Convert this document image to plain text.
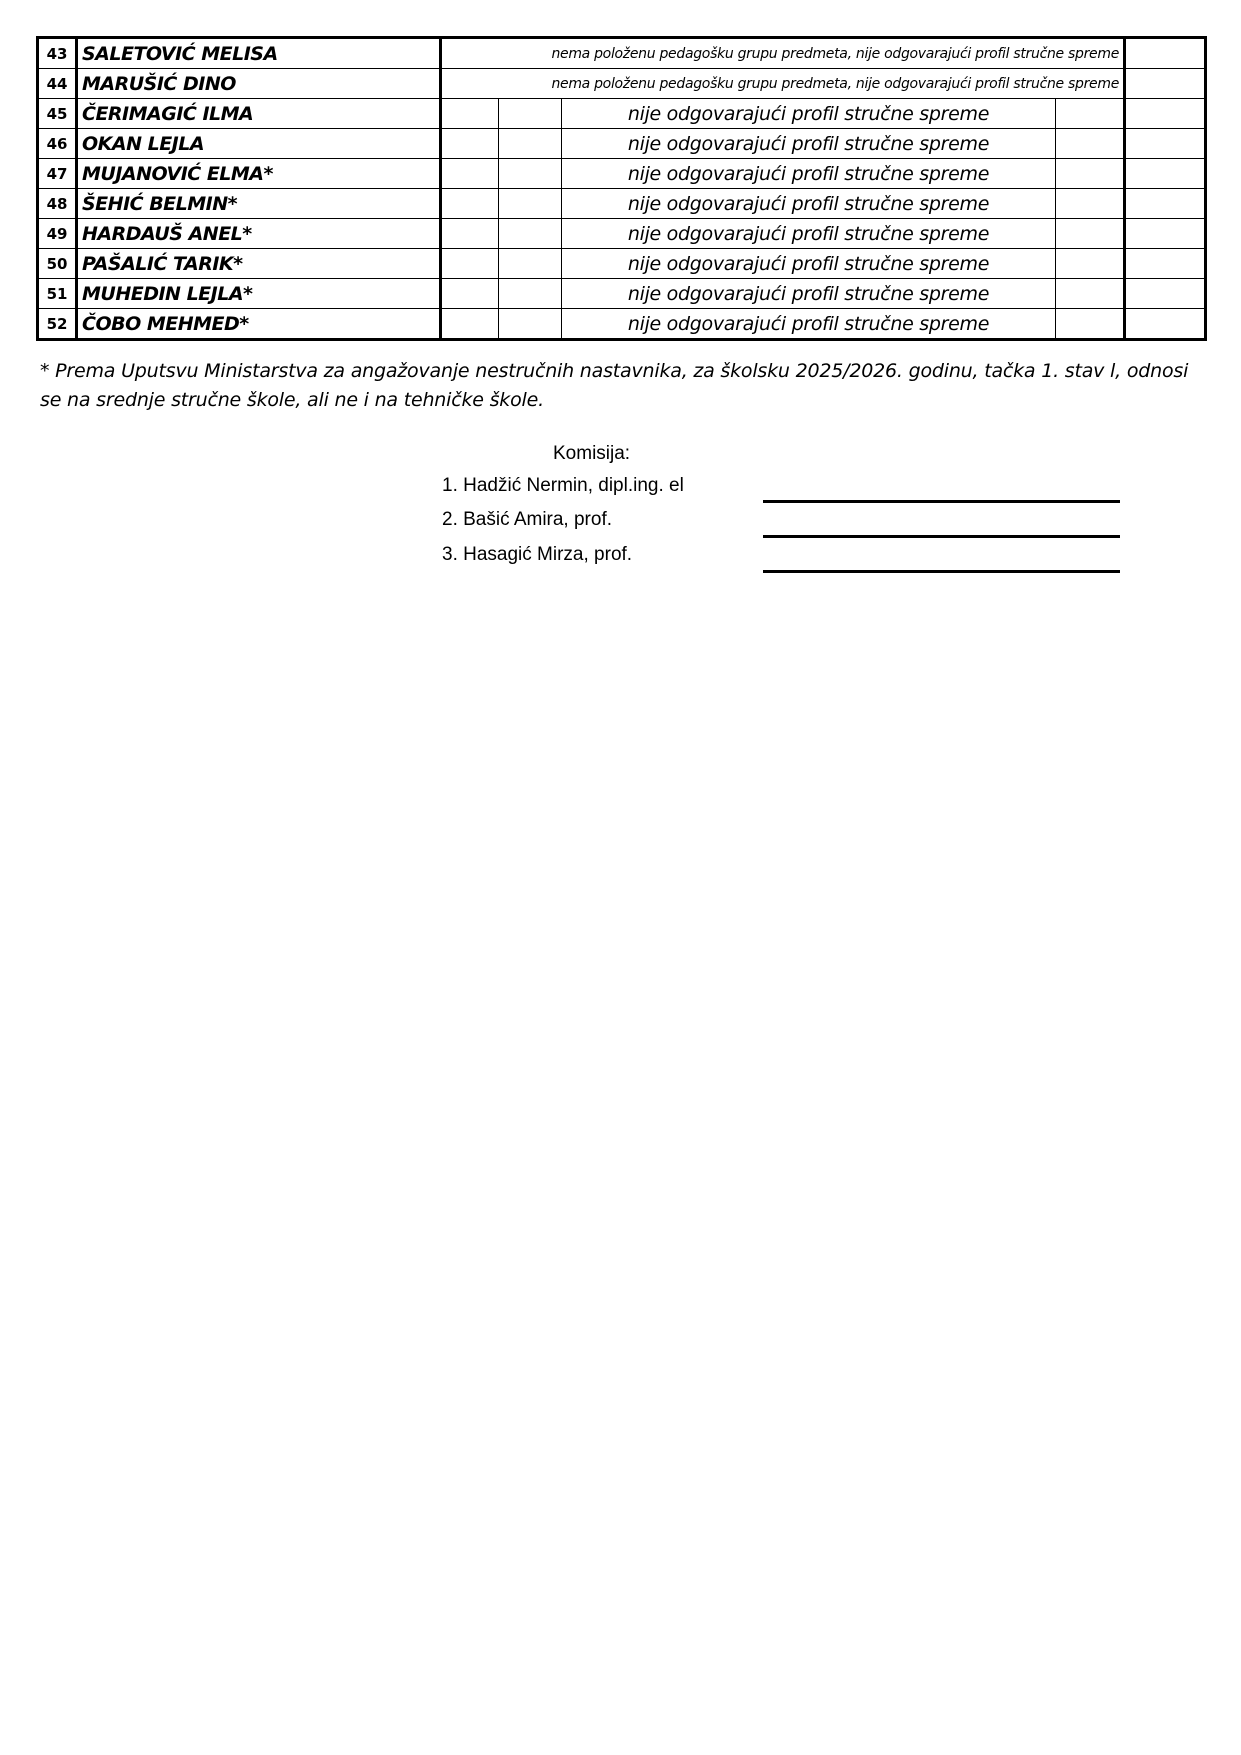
43	SALETOVIĆ MELISA	nema položenu pedagošku grupu predmeta, nije odgovarajući profil stručne spreme				
44	MARUŠIĆ DINO	nema položenu pedagošku grupu predmeta, nije odgovarajući profil stručne spreme				
45	ČERIMAGIĆ ILMA			nije odgovarajući profil stručne spreme		
46	OKAN LEJLA			nije odgovarajući profil stručne spreme		
47	MUJANOVIĆ ELMA*			nije odgovarajući profil stručne spreme		
48	ŠEHIĆ BELMIN*			nije odgovarajući profil stručne spreme		
49	HARDAUŠ ANEL*			nije odgovarajući profil stručne spreme		
50	PAŠALIĆ TARIK*			nije odgovarajući profil stručne spreme		
51	MUHEDIN LEJLA*			nije odgovarajući profil stručne spreme		
52	ČOBO MEHMED*			nije odgovarajući profil stručne spreme		
* Prema Uputsvu Ministarstva za angažovanje nestručnih nastavnika, za školsku 2025/2026. godinu, tačka 1. stav l, odnosi se na srednje stručne škole, ali ne i na tehničke škole.
Komisija:
1. Hadžić Nermin, dipl.ing. el
2. Bašić Amira, prof.
3. Hasagić Mirza, prof.
